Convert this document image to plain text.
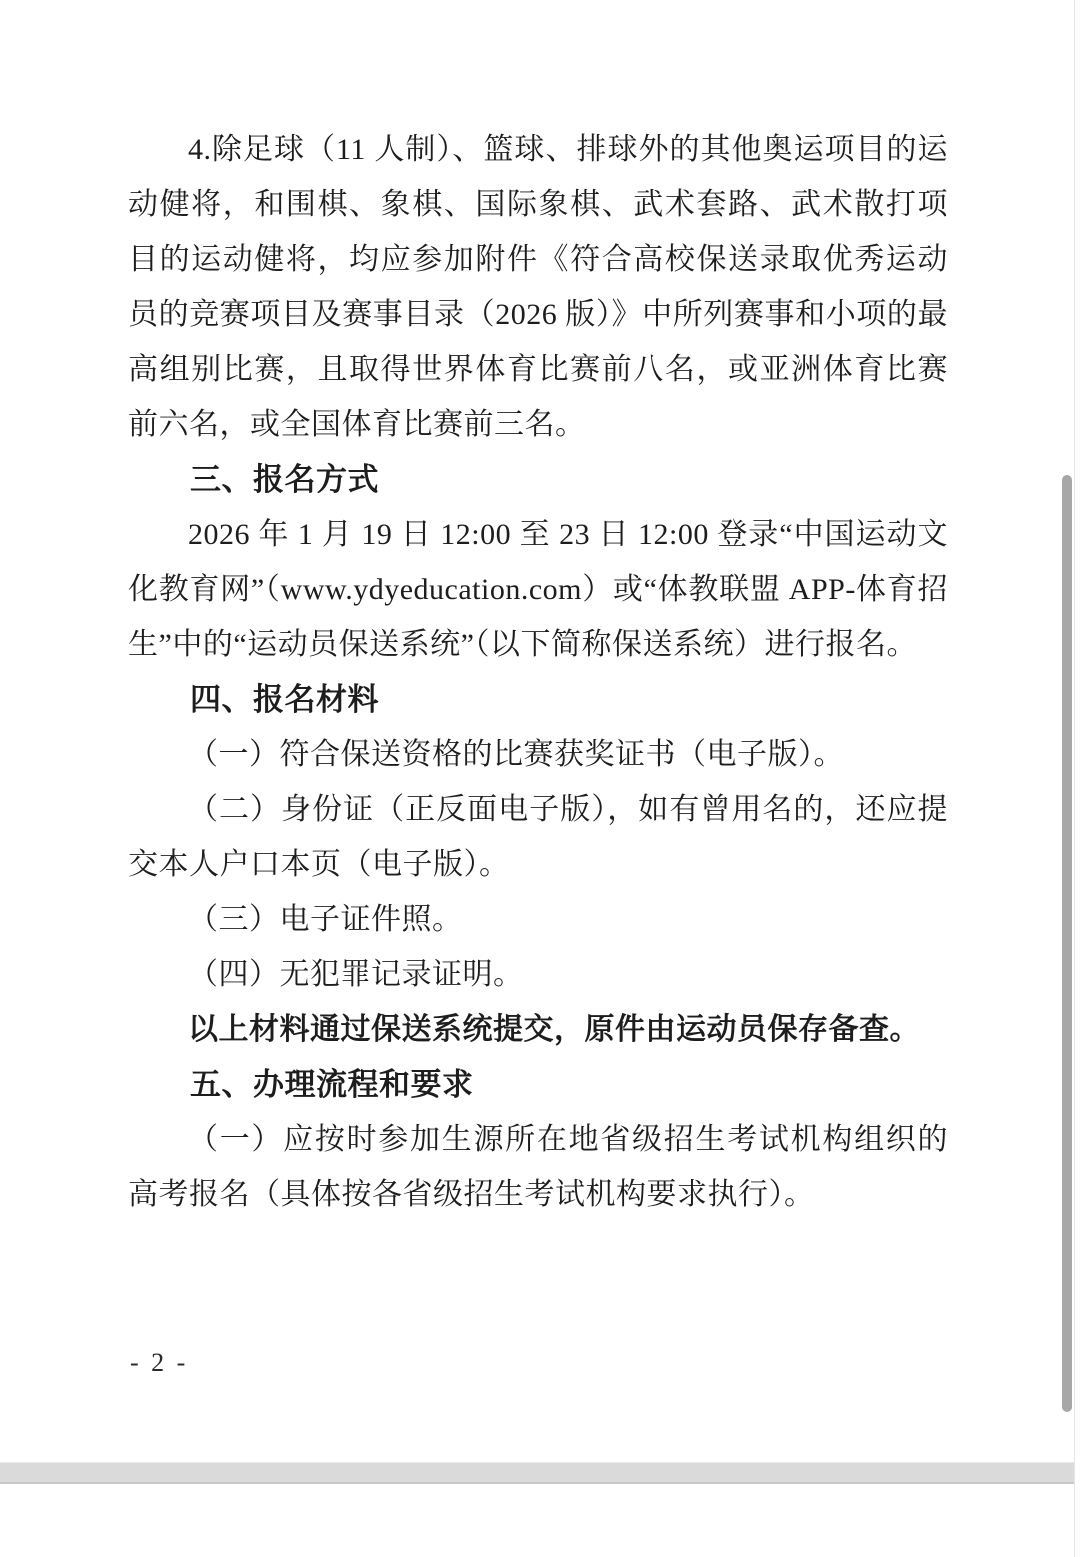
4.除足球（11 人制）、篮球、排球外的其他奥运项目的运动健将，和围棋、象棋、国际象棋、武术套路、武术散打项目的运动健将，均应参加附件《符合高校保送录取优秀运动员的竞赛项目及赛事目录（2026 版）》中所列赛事和小项的最高组别比赛，且取得世界体育比赛前八名，或亚洲体育比赛前六名，或全国体育比赛前三名。
三、报名方式
2026 年 1 月 19 日 12:00 至 23 日 12:00 登录“中国运动文化教育网”（www.ydyeducation.com）或“体教联盟 APP-体育招生”中的“运动员保送系统”（以下简称保送系统）进行报名。
四、报名材料
（一）符合保送资格的比赛获奖证书（电子版）。
（二）身份证（正反面电子版），如有曾用名的，还应提交本人户口本页（电子版）。
（三）电子证件照。
（四）无犯罪记录证明。
以上材料通过保送系统提交，原件由运动员保存备查。
五、办理流程和要求
（一）应按时参加生源所在地省级招生考试机构组织的高考报名（具体按各省级招生考试机构要求执行）。
- 2 -
